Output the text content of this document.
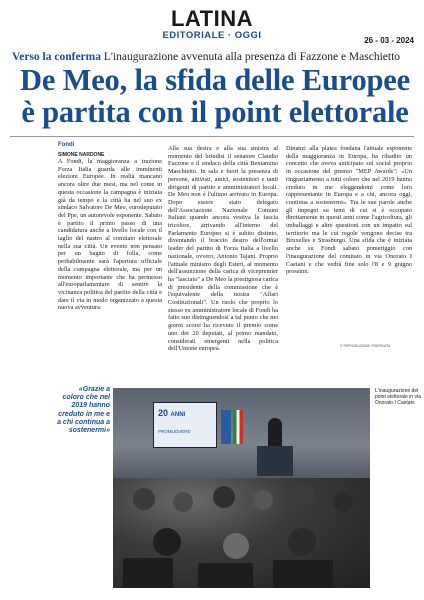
LATINA
EDITORIALE · OGGI	26 - 03 - 2024
Verso la conferma L'inaugurazione avvenuta alla presenza di Fazzone e Maschietto
De Meo, la sfida delle Europee è partita con il point elettorale
Fondi
SIMONE NARDONE

A Fondi, la maggioranza a trazione Forza Italia guarda alle imminenti elezioni Europee. In realtà mancano ancora oltre due mesi, ma nel come in questa occasione la campagna è iniziata già da tempo e la città ha nel suo ex sindaco Salvatore De Meo, eurodeputato del Ppe, un autorevole esponente. Sabato è partito il primo passo di una candidatura anche a livello locale con il taglio del nastro al comitato elettorale nella sua città. Un evento non pensato per un bagno di folla, come probabilmente sarà l'apertura ufficiale della campagna elettorale, ma per un momento importante che ha permesso all'europarlamentare di sentire la vicinanza politica del partito della città e dare il via in modo organizzato a questa nuova avventura.

Alla sua destra e alla sua sinistra al momento del brindisi il senatore Claudio Fazzone e il sindaco della città Beniamino Maschietto. In sala e fuori la presenza di persone, attivisti, amici, sostenitori e tanti dirigenti di partito e amministratori locali. De Meo non è l'ultimo arrivato in Europa. Dopo essere stato delegato dell'Associazione Nazionale Comuni Italiani quando ancora vestiva la fascia tricolore, arrivando all'interno del Parlamento Europeo si è subito distinto, diventando il braccio destro dell'ormai leader del partito di Forza Italia a livello nazionale, ovvero, Antonio Tajani. Proprio l'attuale ministro degli Esteri, al momento dell'assunzione della carica di vicepremier ha "lasciato" a De Meo la prestigiosa carica di presidente della commissione che è l'equivalente della nostra "Affari Costituzionali". Un ruolo che proprio lo stesso ex amministratore locale di Fondi ha fatto suo distinguendosi a tal punto che nei giorni scorsi ha ricevuto il premio come uno dei 20 deputati, al primo mandato, considerati emergenti nella politica dell'Unione europea.

Dinanzi alla platea fondana l'attuale esponente della maggioranza in Europa, ha ribadito un concetto che aveva anticipato sui social proprio in occasione del premio "MEP Awards": «Un ringraziamento a tutti coloro che nel 2019 hanno creduto in me eleggendomi come loro rappresentante in Europa e a chi, ancora oggi, continua a sostenermi». Tra le sue parole anche gli impegni su temi di cui si è occupato direttamente in questi anni come l'agricoltura, gli imballaggi e altre questioni con un impatto sul territorio ma le cui regole vengono decise tra Bruxelles e Strasburgo. Una sfida che è iniziata anche su Fondi sabato pomeriggio con l'inaugurazione del comitato in via Onorato I Caetani e che vedrà fine solo l'8 e 9 giugno prossimi.

© RIPRODUZIONE RISERVATA
«Grazie a coloro che nel 2019 hanno creduto in me e a chi continua a sostenermi»
20 ANNI
PROMUOVERE
L'inaugurazione del point elettorale in via Onorato I Caetani
